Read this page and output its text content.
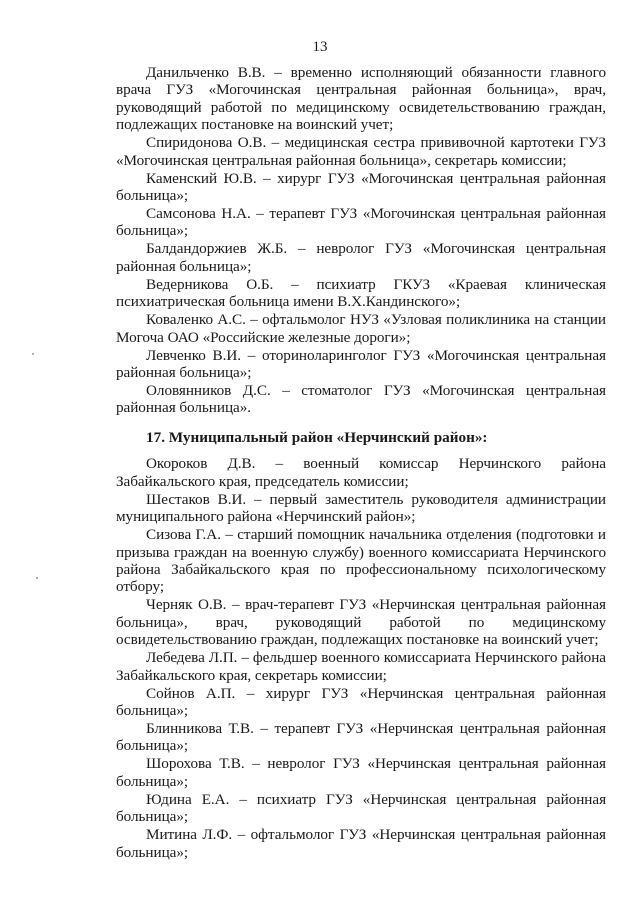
13

Данильченко В.В. – временно исполняющий обязанности главного врача ГУЗ «Могочинская центральная районная больница», врач, руководящий работой по медицинскому освидетельствованию граждан, подлежащих постановке на воинский учет;

Спиридонова О.В. – медицинская сестра прививочной картотеки ГУЗ «Могочинская центральная районная больница», секретарь комиссии;

Каменский Ю.В. – хирург ГУЗ «Могочинская центральная районная больница»;

Самсонова Н.А. – терапевт ГУЗ «Могочинская центральная районная больница»;

Балдандоржиев Ж.Б. – невролог ГУЗ «Могочинская центральная районная больница»;

Ведерникова О.Б. – психиатр ГКУЗ «Краевая клиническая психиатрическая больница имени В.Х.Кандинского»;

Коваленко А.С. – офтальмолог НУЗ «Узловая поликлиника на станции Могоча ОАО «Российские железные дороги»;

Левченко В.И. – оториноларинголог ГУЗ «Могочинская центральная районная больница»;

Оловянников Д.С. – стоматолог ГУЗ «Могочинская центральная районная больница».

17. Муниципальный район «Нерчинский район»:

Окороков Д.В. – военный комиссар Нерчинского района Забайкальского края, председатель комиссии;

Шестаков В.И. – первый заместитель руководителя администрации муниципального района «Нерчинский район»;

Сизова Г.А. – старший помощник начальника отделения (подготовки и призыва граждан на военную службу) военного комиссариата Нерчинского района Забайкальского края по профессиональному психологическому отбору;

Черняк О.В. – врач-терапевт ГУЗ «Нерчинская центральная районная больница», врач, руководящий работой по медицинскому освидетельствованию граждан, подлежащих постановке на воинский учет;

Лебедева Л.П. – фельдшер военного комиссариата Нерчинского района Забайкальского края, секретарь комиссии;

Сойнов А.П. – хирург ГУЗ «Нерчинская центральная районная больница»;

Блинникова Т.В. – терапевт ГУЗ «Нерчинская центральная районная больница»;

Шорохова Т.В. – невролог ГУЗ «Нерчинская центральная районная больница»;

Юдина Е.А. – психиатр ГУЗ «Нерчинская центральная районная больница»;

Митина Л.Ф. – офтальмолог ГУЗ «Нерчинская центральная районная больница»;
